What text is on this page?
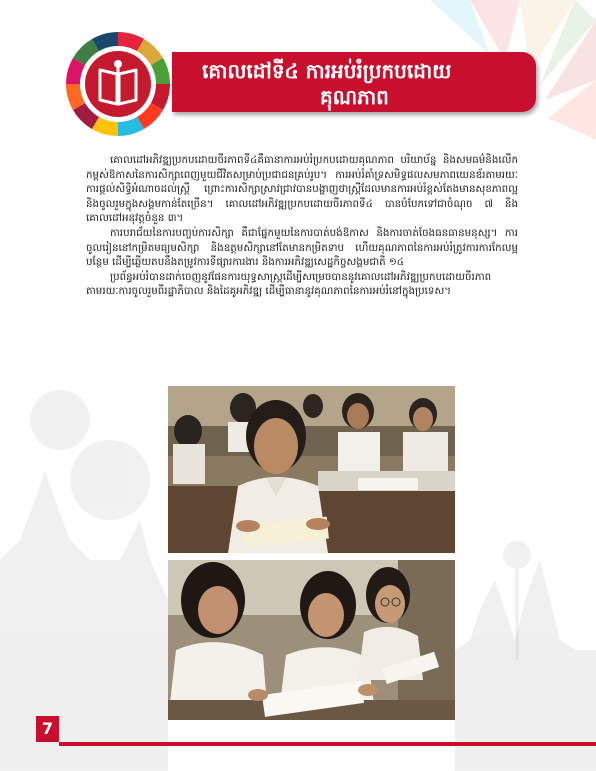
គោលដៅទី៤ ការអប់រំប្រកបដោយ
គុណភាព

គោលដៅអភិវឌ្ឍប្រកបដោយចីរភាពទី៤គឺធានាការអប់រំប្រកបដោយគុណភាព បរិយាប័ន្ន និងសមធម៌និងលើកកម្ពស់ឱកាសនៃការសិក្សាពេញមួយជីវិតសម្រាប់ប្រជាជនគ្រប់រូប។ ការអប់រំគាំទ្រសមិទ្ធផលសមភាពយេនឌ័រតាមរយៈការផ្តល់សិទ្ធិអំណាចដល់ស្ត្រី ព្រោះការសិក្សាស្រាវជ្រាវបានបង្ហាញថាស្ត្រីដែលមានការអប់រំខ្ពស់តែងមានសុខភាពល្អ និងចូលរួមក្នុងសង្គមកាន់តែច្រើន។ គោលដៅអភិវឌ្ឍប្រកបដោយចីរភាពទី៤ បានបំបែកទៅជាចំណុច ៧ និងគោលដៅអនុវត្តចំនួន ៣។

ការបរាជ័យនៃការបញ្ចប់ការសិក្សា គឺជាផ្នែកមួយនៃការបាត់បង់ឱកាស និងការចាត់ចែងធនធានមនុស្ស។ ការចូលរៀននៅកម្រិតមធ្យមសិក្សា និងឧត្តមសិក្សានៅតែមានកម្រិតទាប ហើយគុណភាពនៃការអប់រំត្រូវការការកែលម្អបន្ថែម ដើម្បីឆ្លើយតបនឹងតម្រូវការទីផ្សារការងារ និងការអភិវឌ្ឍសេដ្ឋកិច្ចសង្គមជាតិ ១៤

ប្រព័ន្ធអប់រំបានដាក់ចេញនូវផែនការយុទ្ធសាស្ត្រដើម្បីសម្រេចបាននូវគោលដៅអភិវឌ្ឍប្រកបដោយចីរភាព តាមរយៈការចូលរួមពីរដ្ឋាភិបាល និងដៃគូអភិវឌ្ឍ ដើម្បីធានានូវគុណភាពនៃការអប់រំនៅក្នុងប្រទេស។

7
